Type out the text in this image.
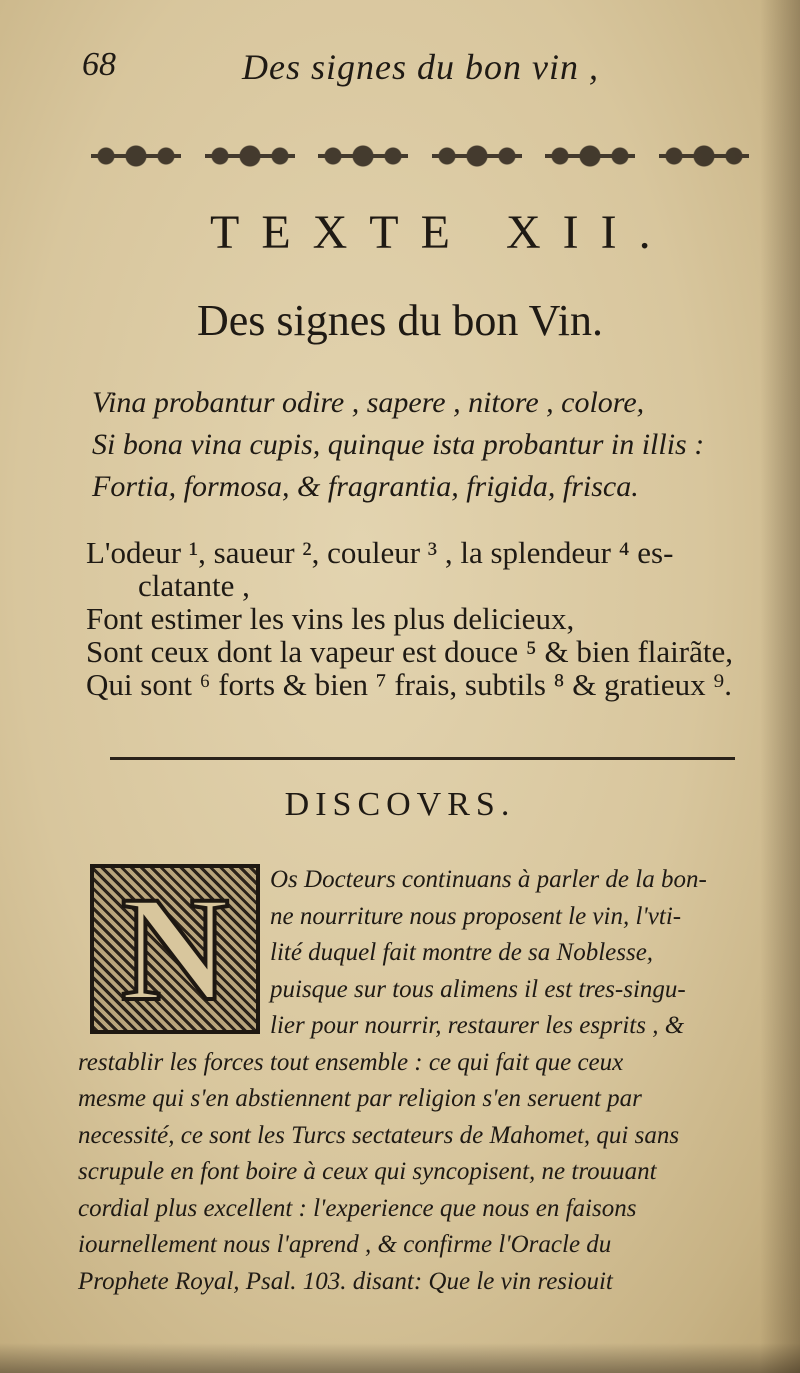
68	Des signes du bon vin ,
TEXTE XII.
Des signes du bon Vin.
Vina probantur odire , sapere , nitore , colore,
Si bona vina cupis, quinque ista probantur in illis :
Fortia, formosa, & fragrantia, frigida, frisca.
L'odeur ¹, saueur ², couleur ³ , la splendeur ⁴ es-
clatante ,
Font estimer les vins les plus delicieux,
Sont ceux dont la vapeur est douce ⁵ & bien flairãte,
Qui sont ⁶ forts & bien ⁷ frais, subtils ⁸ & gratieux ⁹.
DISCOVRS.
N	Os Docteurs continuans à parler de la bon-
ne nourriture nous proposent le vin, l'vti-
lité duquel fait montre de sa Noblesse,
puisque sur tous alimens il est tres-singu-
lier pour nourrir, restaurer les esprits , &
restablir les forces tout ensemble : ce qui fait que ceux
mesme qui s'en abstiennent par religion s'en seruent par
necessité, ce sont les Turcs sectateurs de Mahomet, qui sans
scrupule en font boire à ceux qui syncopisent, ne trouuant
cordial plus excellent : l'experience que nous en faisons
iournellement nous l'aprend , & confirme l'Oracle du
Prophete Royal, Psal. 103. disant: Que le vin resiouit
